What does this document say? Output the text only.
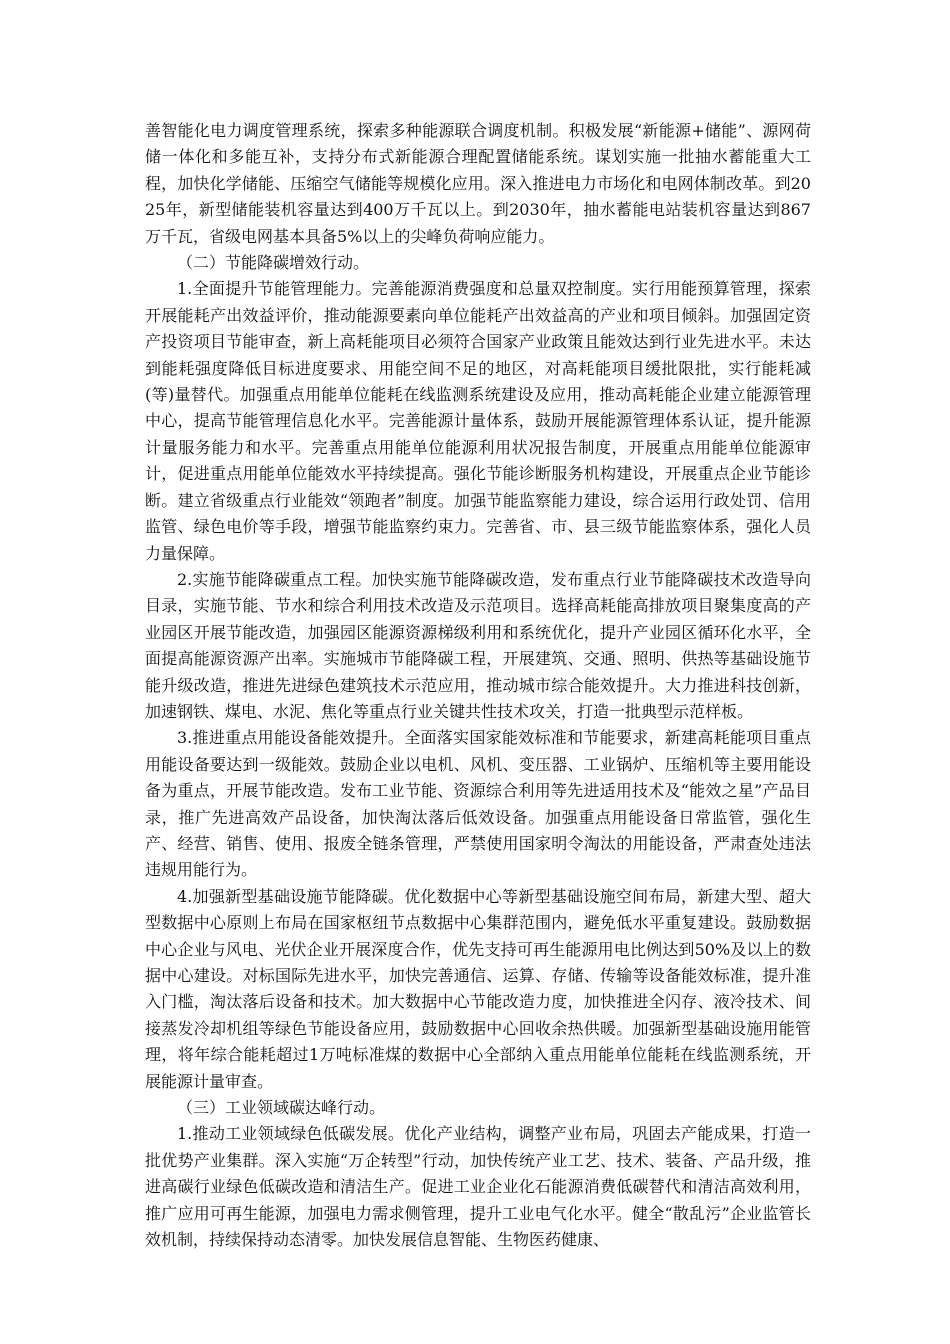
善智能化电力调度管理系统，探索多种能源联合调度机制。积极发展“新能源+储能”、源网荷储一体化和多能互补，支持分布式新能源合理配置储能系统。谋划实施一批抽水蓄能重大工程，加快化学储能、压缩空气储能等规模化应用。深入推进电力市场化和电网体制改革。到2025年，新型储能装机容量达到400万千瓦以上。到2030年，抽水蓄能电站装机容量达到867万千瓦，省级电网基本具备5%以上的尖峰负荷响应能力。

（二）节能降碳增效行动。

1.全面提升节能管理能力。完善能源消费强度和总量双控制度。实行用能预算管理，探索开展能耗产出效益评价，推动能源要素向单位能耗产出效益高的产业和项目倾斜。加强固定资产投资项目节能审查，新上高耗能项目必须符合国家产业政策且能效达到行业先进水平。未达到能耗强度降低目标进度要求、用能空间不足的地区，对高耗能项目缓批限批，实行能耗减(等)量替代。加强重点用能单位能耗在线监测系统建设及应用，推动高耗能企业建立能源管理中心，提高节能管理信息化水平。完善能源计量体系，鼓励开展能源管理体系认证，提升能源计量服务能力和水平。完善重点用能单位能源利用状况报告制度，开展重点用能单位能源审计，促进重点用能单位能效水平持续提高。强化节能诊断服务机构建设，开展重点企业节能诊断。建立省级重点行业能效“领跑者”制度。加强节能监察能力建设，综合运用行政处罚、信用监管、绿色电价等手段，增强节能监察约束力。完善省、市、县三级节能监察体系，强化人员力量保障。

2.实施节能降碳重点工程。加快实施节能降碳改造，发布重点行业节能降碳技术改造导向目录，实施节能、节水和综合利用技术改造及示范项目。选择高耗能高排放项目聚集度高的产业园区开展节能改造，加强园区能源资源梯级利用和系统优化，提升产业园区循环化水平，全面提高能源资源产出率。实施城市节能降碳工程，开展建筑、交通、照明、供热等基础设施节能升级改造，推进先进绿色建筑技术示范应用，推动城市综合能效提升。大力推进科技创新，加速钢铁、煤电、水泥、焦化等重点行业关键共性技术攻关，打造一批典型示范样板。

3.推进重点用能设备能效提升。全面落实国家能效标准和节能要求，新建高耗能项目重点用能设备要达到一级能效。鼓励企业以电机、风机、变压器、工业锅炉、压缩机等主要用能设备为重点，开展节能改造。发布工业节能、资源综合利用等先进适用技术及“能效之星”产品目录，推广先进高效产品设备，加快淘汰落后低效设备。加强重点用能设备日常监管，强化生产、经营、销售、使用、报废全链条管理，严禁使用国家明令淘汰的用能设备，严肃查处违法违规用能行为。

4.加强新型基础设施节能降碳。优化数据中心等新型基础设施空间布局，新建大型、超大型数据中心原则上布局在国家枢纽节点数据中心集群范围内，避免低水平重复建设。鼓励数据中心企业与风电、光伏企业开展深度合作，优先支持可再生能源用电比例达到50%及以上的数据中心建设。对标国际先进水平，加快完善通信、运算、存储、传输等设备能效标准，提升准入门槛，淘汰落后设备和技术。加大数据中心节能改造力度，加快推进全闪存、液冷技术、间接蒸发冷却机组等绿色节能设备应用，鼓励数据中心回收余热供暖。加强新型基础设施用能管理，将年综合能耗超过1万吨标准煤的数据中心全部纳入重点用能单位能耗在线监测系统，开展能源计量审查。

（三）工业领域碳达峰行动。

1.推动工业领域绿色低碳发展。优化产业结构，调整产业布局，巩固去产能成果，打造一批优势产业集群。深入实施“万企转型”行动，加快传统产业工艺、技术、装备、产品升级，推进高碳行业绿色低碳改造和清洁生产。促进工业企业化石能源消费低碳替代和清洁高效利用，推广应用可再生能源，加强电力需求侧管理，提升工业电气化水平。健全“散乱污”企业监管长效机制，持续保持动态清零。加快发展信息智能、生物医药健康、
